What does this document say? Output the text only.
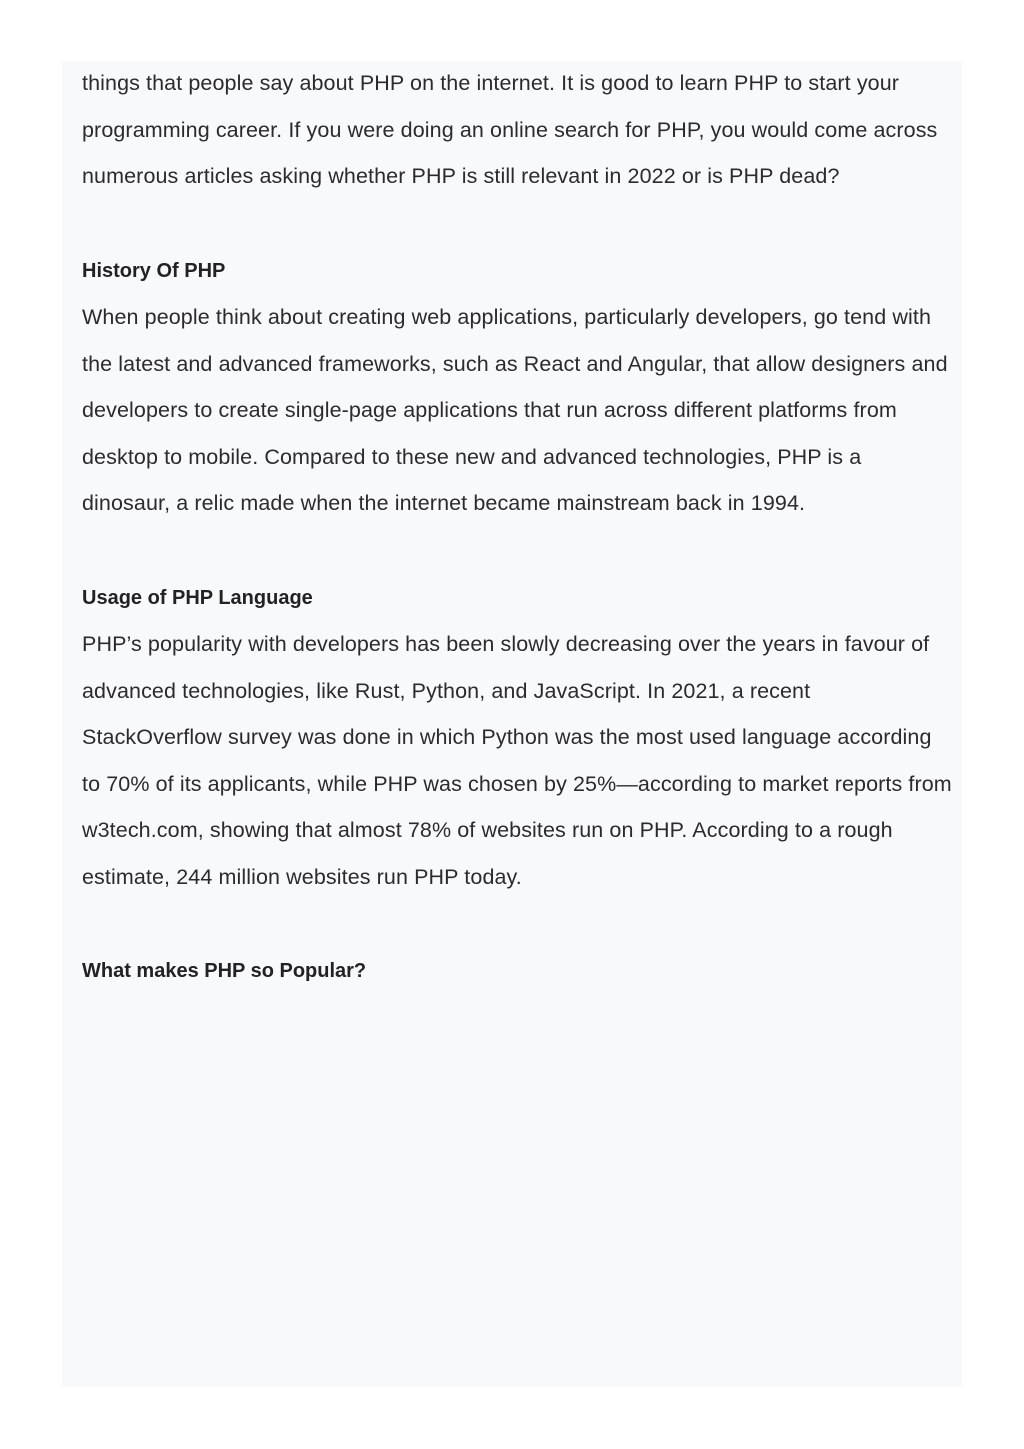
things that people say about PHP on the internet. It is good to learn PHP to start your programming career. If you were doing an online search for PHP, you would come across numerous articles asking whether PHP is still relevant in 2022 or is PHP dead?

History Of PHP

When people think about creating web applications, particularly developers, go tend with the latest and advanced frameworks, such as React and Angular, that allow designers and developers to create single-page applications that run across different platforms from desktop to mobile. Compared to these new and advanced technologies, PHP is a dinosaur, a relic made when the internet became mainstream back in 1994.

Usage of PHP Language

PHP’s popularity with developers has been slowly decreasing over the years in favour of advanced technologies, like Rust, Python, and JavaScript. In 2021, a recent StackOverflow survey was done in which Python was the most used language according to 70% of its applicants, while PHP was chosen by 25%—according to market reports from w3tech.com, showing that almost 78% of websites run on PHP. According to a rough estimate, 244 million websites run PHP today.

What makes PHP so Popular?
